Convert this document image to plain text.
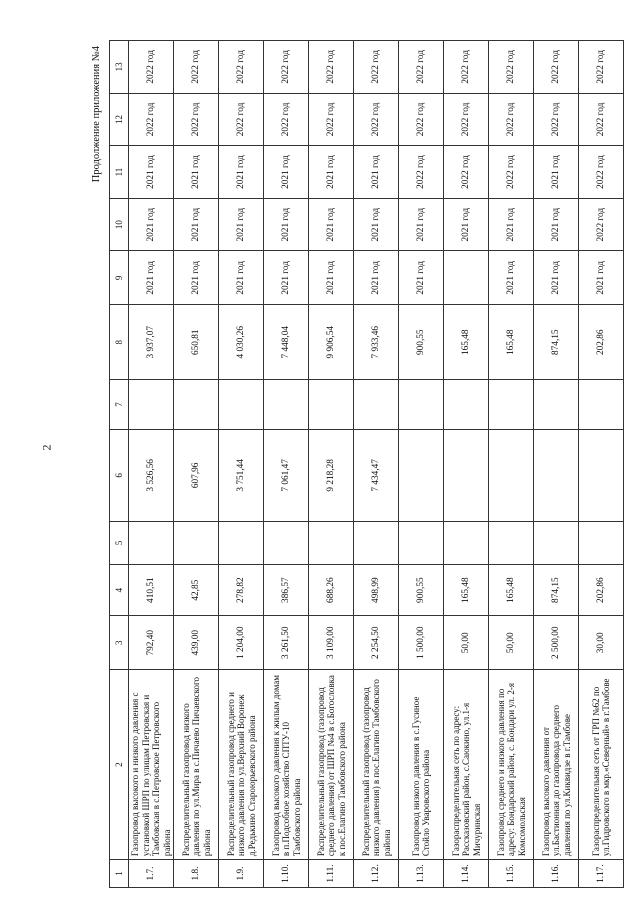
2
Продолжение приложения №4
1	2	3	4	5	6	7	8	9	10	11	12	13
1.7.	Газопровод высокого и низкого давления с установкой ШРП по улицам Петровская и Тамбовская в с.Петровское Петровского района	792,40	410,51		3 526,56		3 937,07	2021 год	2021 год	2021 год	2022 год	2022 год
1.8.	Распределительный газопровод низкого давления по ул.Мира в с.Пичаево Пичаевского района	439,00	42,85		607,96		650,81	2021 год	2021 год	2021 год	2022 год	2022 год
1.9.	Распределительный газопровод среднего и низкого давления по ул.Верхний Воронеж д.Редькино Староюрьевского района	1 204,00	278,82		3 751,44		4 030,26	2021 год	2021 год	2021 год	2022 год	2022 год
1.10.	Газопровод высокого давления к жилым домам в п.Подсобное хозяйство СПТУ-10 Тамбовского района	3 261,50	386,57		7 061,47		7 448,04	2021 год	2021 год	2021 год	2022 год	2022 год
1.11.	Распределительный газопровод (газопровод среднего давления) от ШРП №4 в с.Богословка к пос.Елагино Тамбовского района	3 109,00	688,26		9 218,28		9 906,54	2021 год	2021 год	2021 год	2022 год	2022 год
1.12.	Распределительный газопровод (газопровод низкого давления) в пос.Елагино Тамбовского района	2 254,50	498,99		7 434,47		7 933,46	2021 год	2021 год	2021 год	2022 год	2022 год
1.13.	Газопровод низкого давления в с.Гусиное Стойло Уваровского района	1 500,00	900,55				900,55	2021 год	2021 год	2022 год	2022 год	2022 год
1.14.	Газораспределительная сеть по адресу: Рассказовский район, с.Саюкино, ул.1-я Мичуринская	50,00	165,48				165,48		2021 год	2022 год	2022 год	2022 год
1.15.	Газопровод среднего и низкого давления по адресу: Бондарский район, с. Бондари ул. 2-я Комсомольская	50,00	165,48				165,48	2021 год	2021 год	2022 год	2022 год	2022 год
1.16.	Газопровод высокого давления от ул.Бастионная до газопровода среднего давления по ул.Киквидзе в г.Тамбове	2 500,00	874,15				874,15	2021 год	2021 год	2021 год	2022 год	2022 год
1.17.	Газораспределительная сеть от ГРП №62 по ул.Гидровского в мкр.«Северный» в г.Тамбове	30,00	202,86				202,86	2021 год	2022 год	2022 год	2022 год	2022 год
